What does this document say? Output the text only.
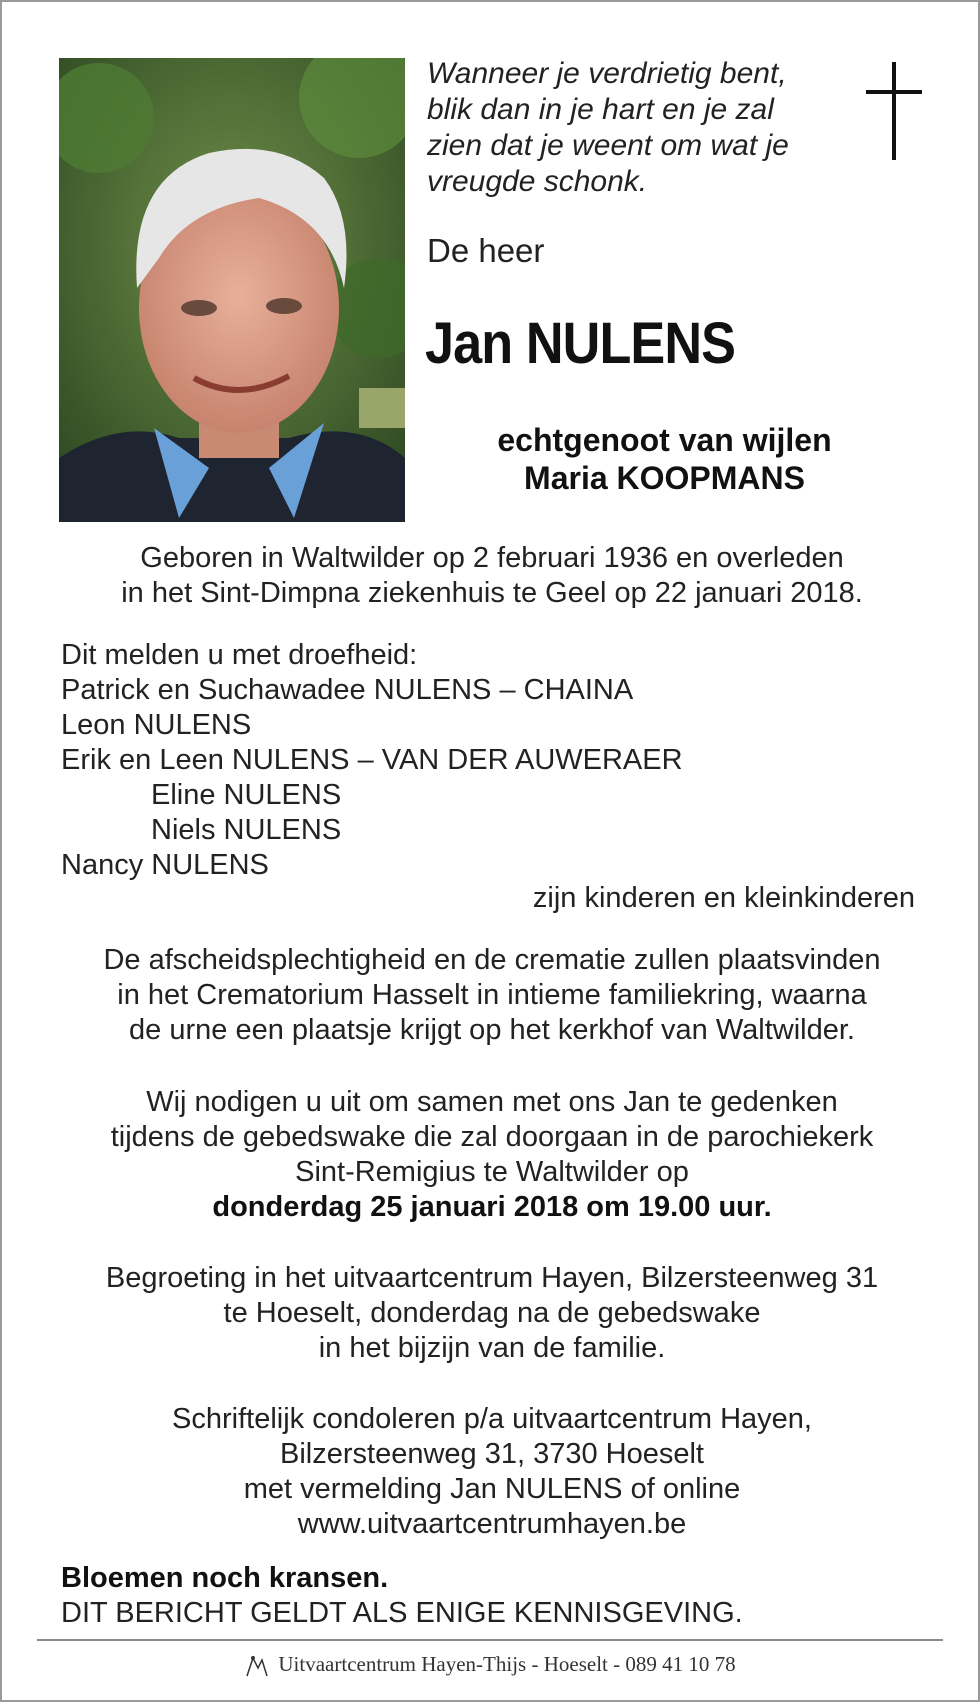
Wanneer je verdrietig bent,
blik dan in je hart en je zal
zien dat je weent om wat je
vreugde schonk.
De heer
Jan NULENS
echtgenoot van wijlen
Maria KOOPMANS
Geboren in Waltwilder op 2 februari 1936 en overleden
in het Sint-Dimpna ziekenhuis te Geel op 22 januari 2018.
Dit melden u met droefheid:
Patrick en Suchawadee NULENS – CHAINA
Leon NULENS
Erik en Leen NULENS – VAN DER AUWERAER
Eline NULENS
Niels NULENS
Nancy NULENS
zijn kinderen en kleinkinderen
De afscheidsplechtigheid en de crematie zullen plaatsvinden
in het Crematorium Hasselt in intieme familiekring, waarna
de urne een plaatsje krijgt op het kerkhof van Waltwilder.
Wij nodigen u uit om samen met ons Jan te gedenken
tijdens de gebedswake die zal doorgaan in de parochiekerk
Sint-Remigius te Waltwilder op
donderdag 25 januari 2018 om 19.00 uur.
Begroeting in het uitvaartcentrum Hayen, Bilzersteenweg 31
te Hoeselt, donderdag na de gebedswake
in het bijzijn van de familie.
Schriftelijk condoleren p/a uitvaartcentrum Hayen,
Bilzersteenweg 31, 3730 Hoeselt
met vermelding Jan NULENS of online
www.uitvaartcentrumhayen.be
Bloemen noch kransen.
DIT BERICHT GELDT ALS ENIGE KENNISGEVING.
Uitvaartcentrum Hayen-Thijs - Hoeselt - 089 41 10 78
